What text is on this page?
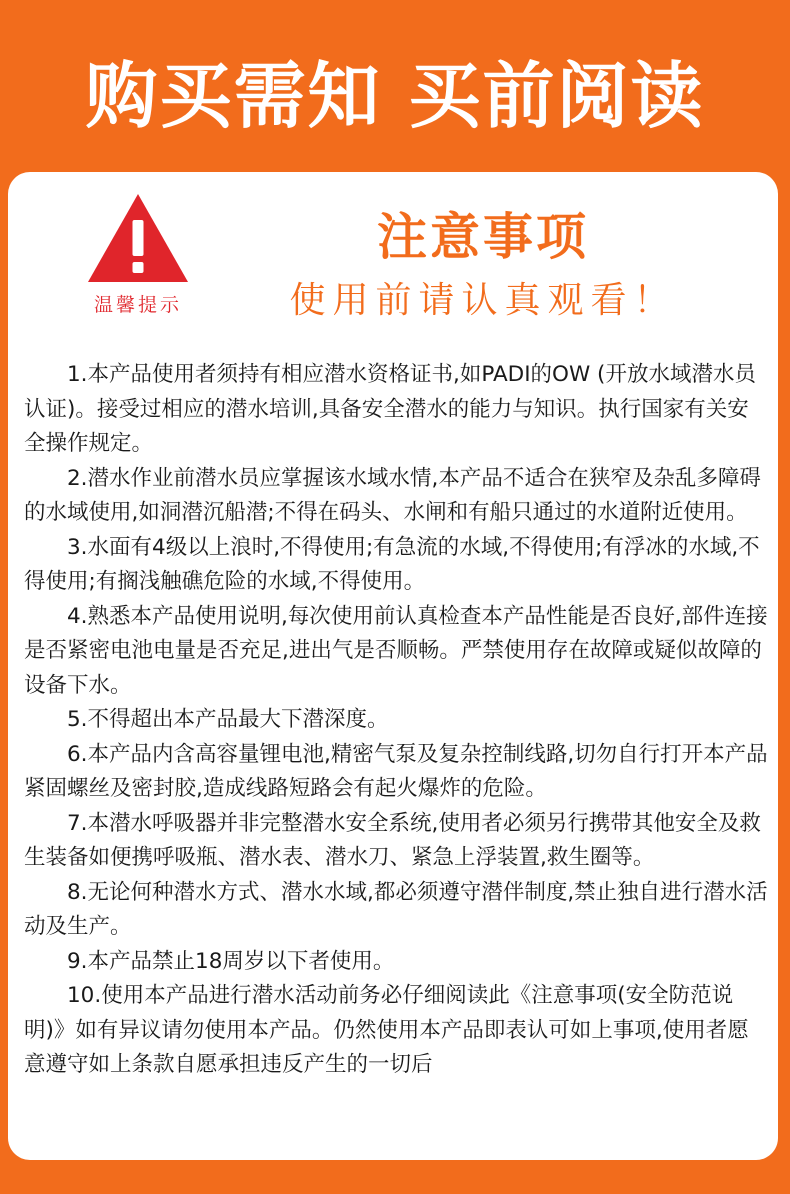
购买需知 买前阅读
温馨提示
注意事项
使用前请认真观看！

1.本产品使用者须持有相应潜水资格证书,如PADI的OW (开放水域潜水员认证)。接受过相应的潜水培训,具备安全潜水的能力与知识。执行国家有关安全操作规定。

2.潜水作业前潜水员应掌握该水域水情,本产品不适合在狭窄及杂乱多障碍的水域使用,如洞潜沉船潜;不得在码头、水闸和有船只通过的水道附近使用。

3.水面有4级以上浪时,不得使用;有急流的水域,不得使用;有浮冰的水域,不得使用;有搁浅触礁危险的水域,不得使用。

4.熟悉本产品使用说明,每次使用前认真检查本产品性能是否良好,部件连接是否紧密电池电量是否充足,进出气是否顺畅。严禁使用存在故障或疑似故障的设备下水。

5.不得超出本产品最大下潜深度。

6.本产品内含高容量锂电池,精密气泵及复杂控制线路,切勿自行打开本产品紧固螺丝及密封胶,造成线路短路会有起火爆炸的危险。

7.本潜水呼吸器并非完整潜水安全系统,使用者必须另行携带其他安全及救生装备如便携呼吸瓶、潜水表、潜水刀、紧急上浮装置,救生圈等。

8.无论何种潜水方式、潜水水域,都必须遵守潜伴制度,禁止独自进行潜水活动及生产。

9.本产品禁止18周岁以下者使用。

10.使用本产品进行潜水活动前务必仔细阅读此《注意事项(安全防范说明)》如有异议请勿使用本产品。仍然使用本产品即表认可如上事项,使用者愿意遵守如上条款自愿承担违反产生的一切后
